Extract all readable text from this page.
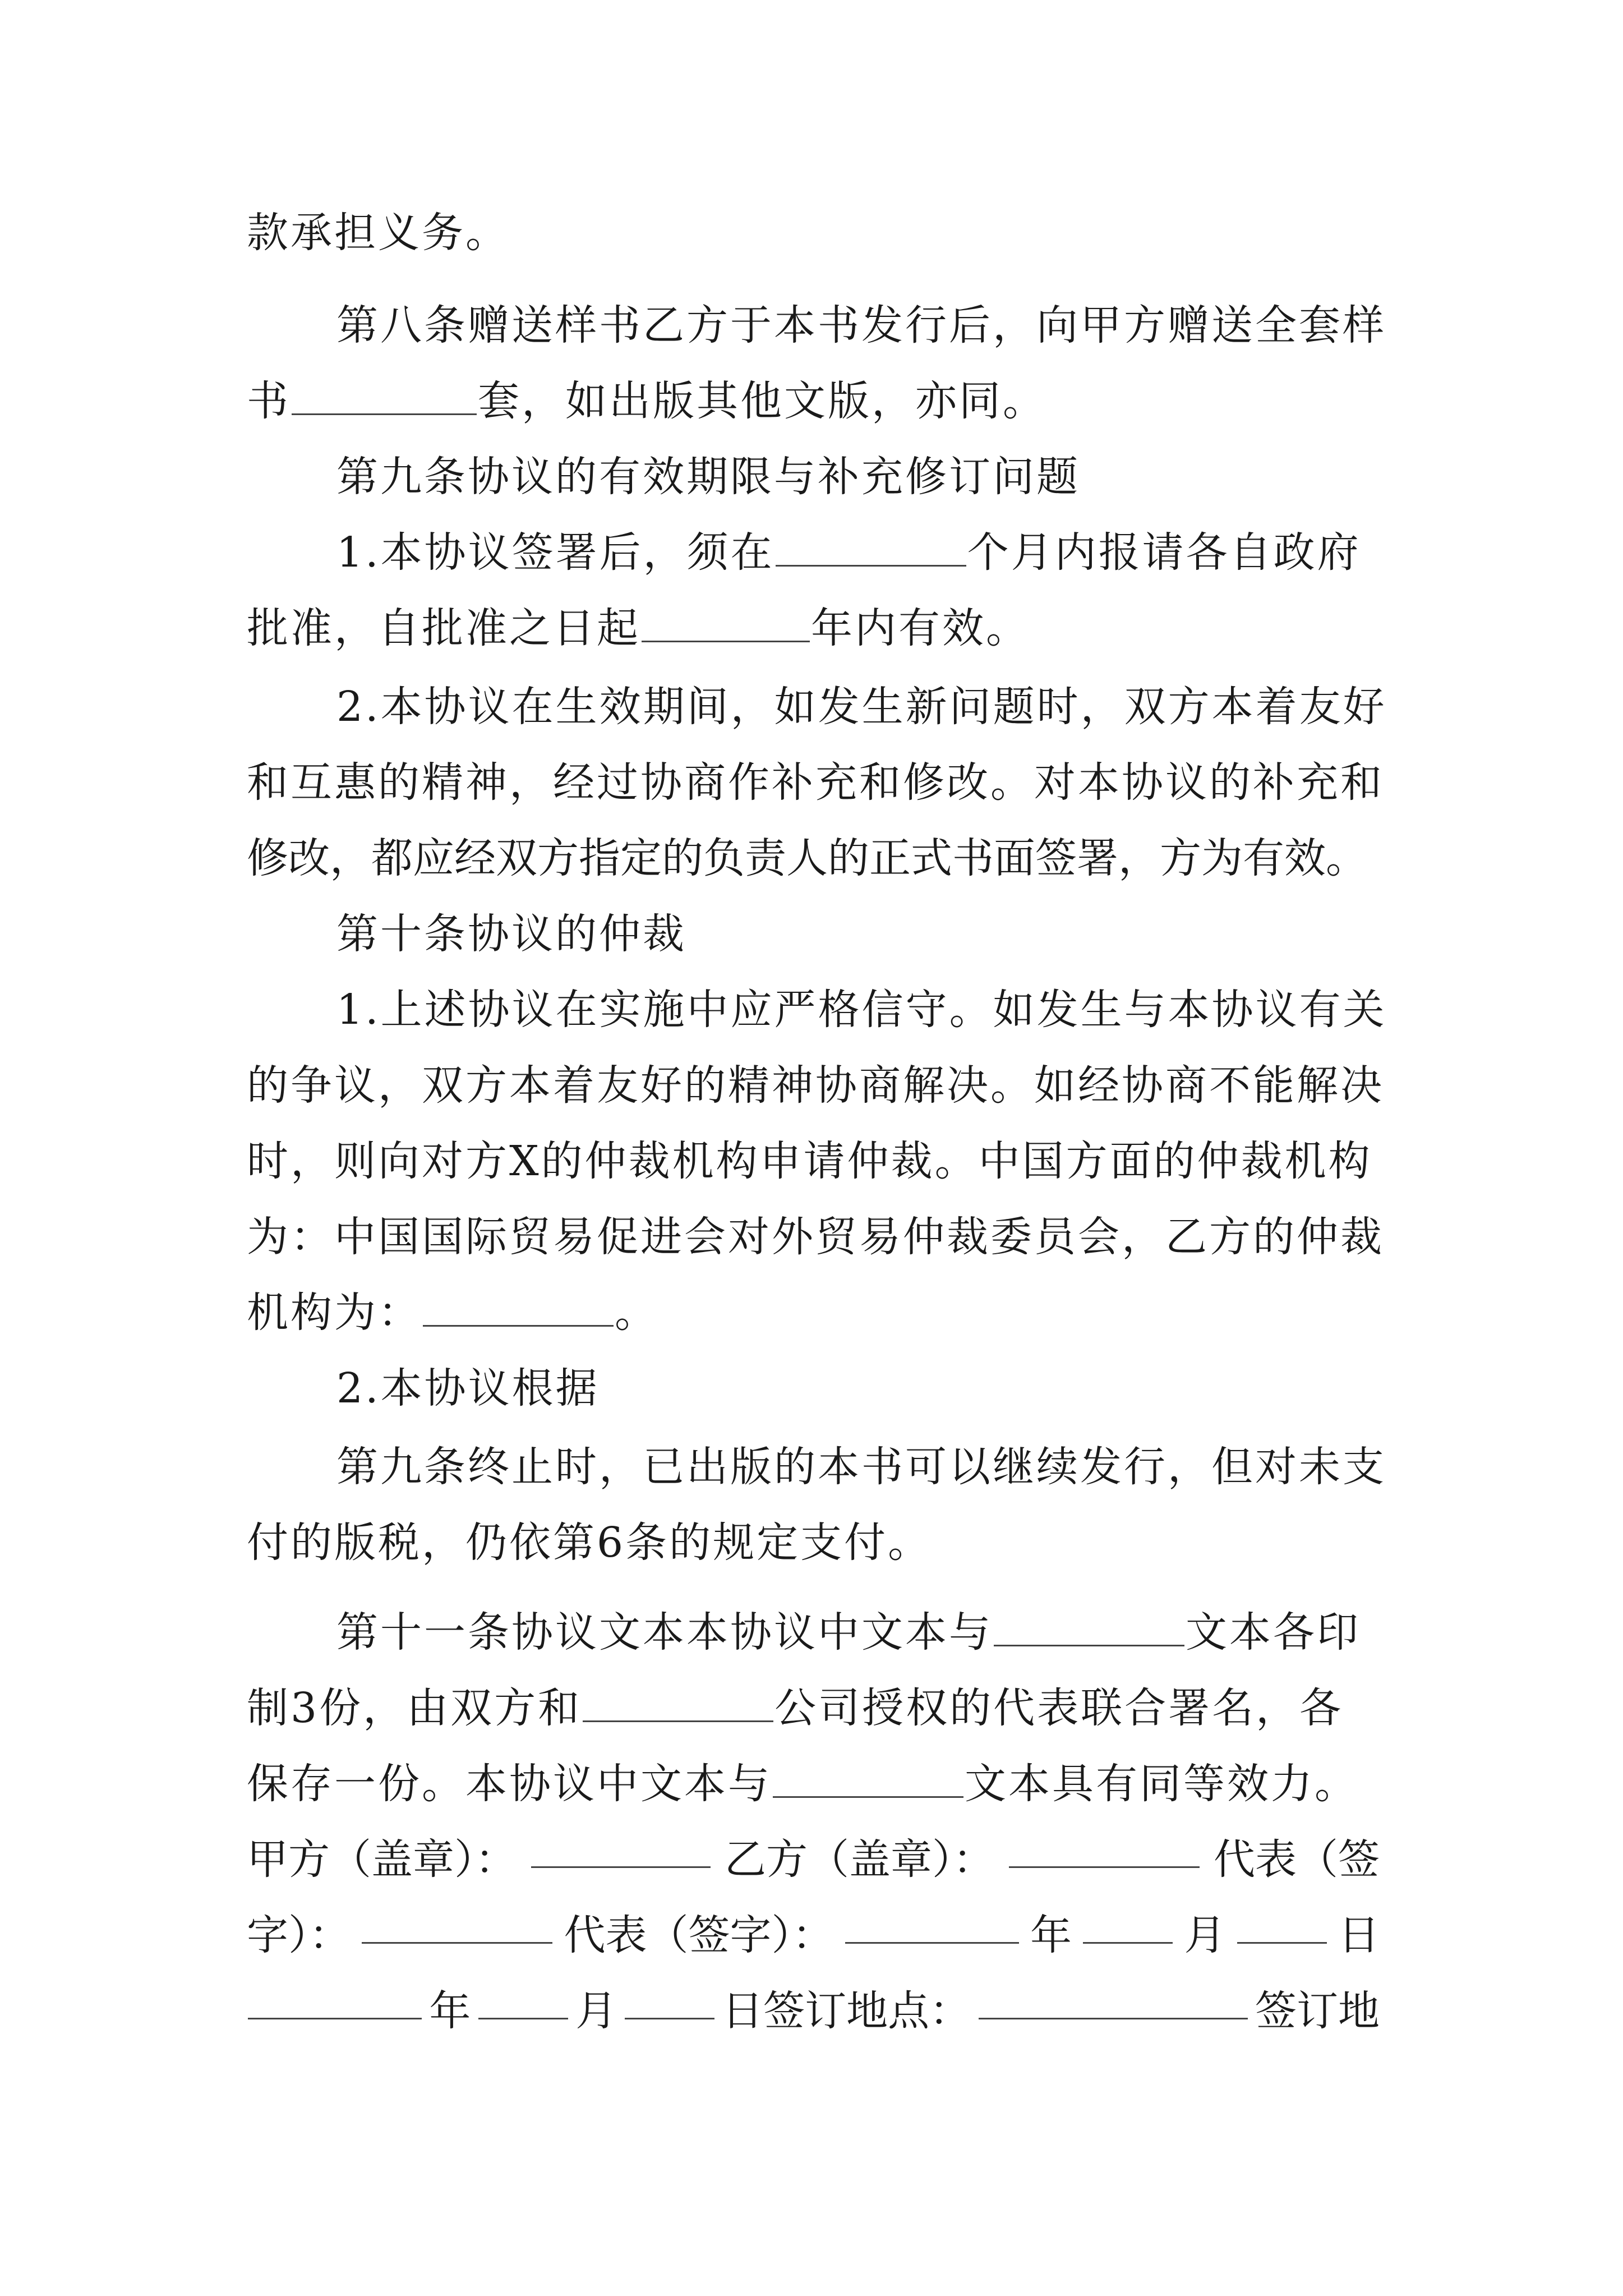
款承担义务。
第八条赠送样书乙方于本书发行后，向甲方赠送全套样
书	套，如出版其他文版，亦同。
第九条协议的有效期限与补充修订问题
1.本协议签署后，须在	个月内报请各自政府
批准，自批准之日起	年内有效。
2.本协议在生效期间，如发生新问题时，双方本着友好
和互惠的精神，经过协商作补充和修改。对本协议的补充和
修改，都应经双方指定的负责人的正式书面签署，方为有效。
第十条协议的仲裁
1.上述协议在实施中应严格信守。如发生与本协议有关
的争议，双方本着友好的精神协商解决。如经协商不能解决
时，则向对方X的仲裁机构申请仲裁。中国方面的仲裁机构
为：中国国际贸易促进会对外贸易仲裁委员会，乙方的仲裁
机构为：	。
2.本协议根据
第九条终止时，已出版的本书可以继续发行，但对未支
付的版税，仍依第6条的规定支付。
第十一条协议文本本协议中文本与	文本各印
制3份，由双方和	公司授权的代表联合署名，各
保存一份。本协议中文本与	文本具有同等效力。
甲方（盖章）：	乙方（盖章）：	代表（签
字）：	代表（签字）：	年	月	日
年	月	日签订地点：	签订地
